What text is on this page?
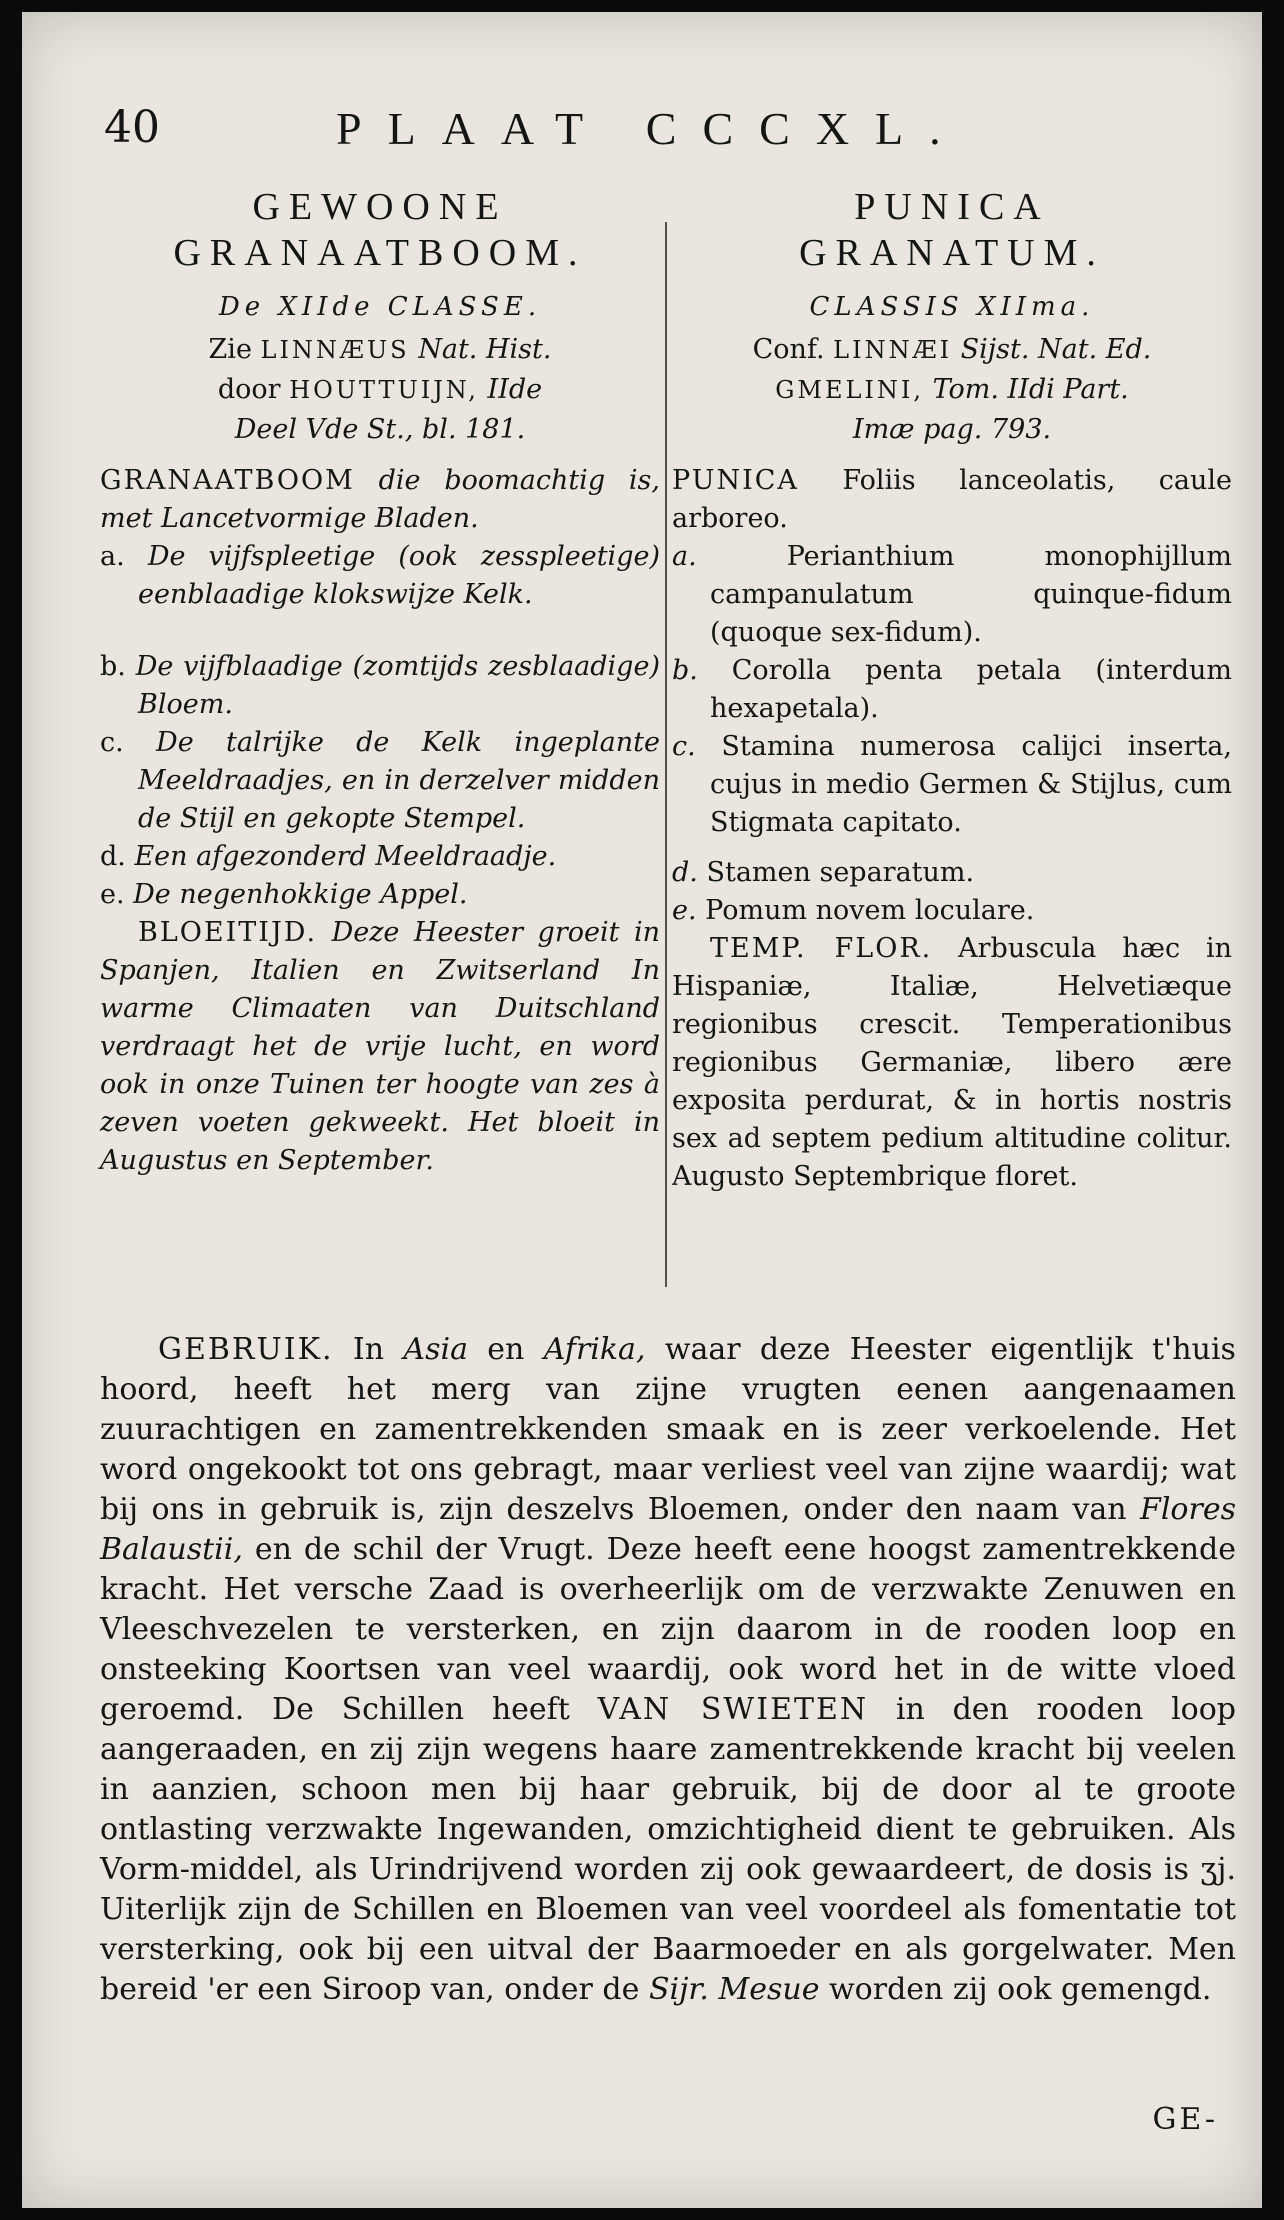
40	PLAAT CCCXL.

GEWOONE

GRANAATBOOM.

De XIIde CLASSE.
Zie LINNÆUS Nat. Hist.
door HOUTTUIJN, IIde
Deel Vde St., bl. 181.

GRANAATBOOM die boomachtig is, met Lancetvormige Bladen.

a. De vijfspleetige (ook zesspleetige) eenblaadige klokswijze Kelk.

b. De vijfblaadige (zomtijds zesblaadige) Bloem.

c. De talrijke de Kelk ingeplante Meeldraadjes, en in derzelver midden de Stijl en gekopte Stempel.

d. Een afgezonderd Meeldraadje.

e. De negenhokkige Appel.

BLOEITIJD. Deze Heester groeit in Spanjen, Italien en Zwitserland In warme Climaaten van Duitschland verdraagt het de vrije lucht, en word ook in onze Tuinen ter hoogte van zes à zeven voeten gekweekt. Het bloeit in Augustus en September.

PUNICA

GRANATUM.

CLASSIS XIIma.
Conf. LINNÆI Sijst. Nat. Ed.
GMELINI, Tom. IIdi Part.
Imæ pag. 793.

PUNICA Foliis lanceolatis, caule arboreo.

a.	Perianthium monophijllum campanulatum quinque-fidum (quoque sex-fidum).

b. Corolla penta petala (interdum hexapetala).

c. Stamina numerosa calijci inserta, cujus in medio Germen & Stijlus, cum Stigmata capitato.

d. Stamen separatum.

e. Pomum novem loculare.

TEMP. FLOR. Arbuscula hæc in Hispaniæ, Italiæ, Helvetiæque regionibus crescit. Temperationibus regionibus Germaniæ, libero ære exposita perdurat, & in hortis nostris sex ad septem pedium altitudine colitur. Augusto Septembrique floret.

GEBRUIK. In Asia en Afrika, waar deze Heester eigentlijk t'huis hoord, heeft het merg van zijne vrugten eenen aangenaamen zuurachtigen en zamentrekkenden smaak en is zeer verkoelende. Het word ongekookt tot ons gebragt, maar verliest veel van zijne waardij; wat bij ons in gebruik is, zijn deszelvs Bloemen, onder den naam van Flores Balaustii, en de schil der Vrugt. Deze heeft eene hoogst zamentrekkende kracht. Het versche Zaad is overheerlijk om de verzwakte Zenuwen en Vleeschvezelen te versterken, en zijn daarom in de rooden loop en onsteeking Koortsen van veel waardij, ook word het in de witte vloed geroemd. De Schillen heeft VAN SWIETEN in den rooden loop aangeraaden, en zij zijn wegens haare zamentrekkende kracht bij veelen in aanzien, schoon men bij haar gebruik, bij de door al te groote ontlasting verzwakte Ingewanden, omzichtigheid dient te gebruiken. Als Vorm-middel, als Urindrijvend worden zij ook gewaardeert, de dosis is ʒj. Uiterlijk zijn de Schillen en Bloemen van veel voordeel als fomentatie tot versterking, ook bij een uitval der Baarmoeder en als gorgelwater. Men bereid 'er een Siroop van, onder de Sijr. Mesue worden zij ook gemengd.

GE-
